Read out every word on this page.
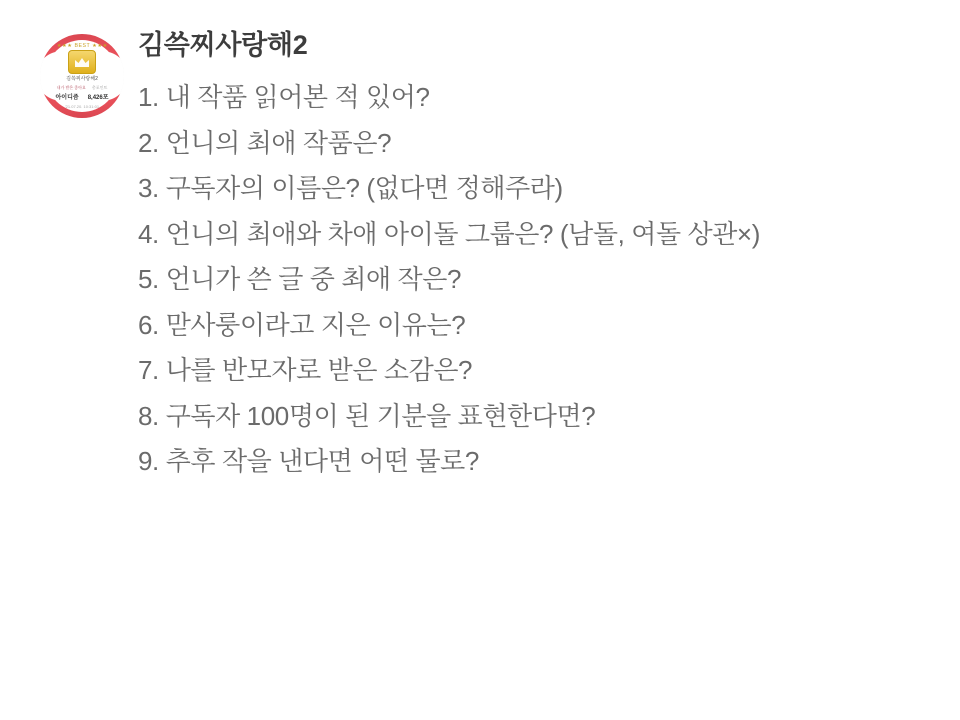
★★★ BEST ★★★
김쓱찌사랑해2
내가 받은 좋아요 총포인트
아이디즘 8,426포
'21.07.20. 10:31:01
김쓱찌사랑해2
1. 내 작품 읽어본 적 있어?
2. 언니의 최애 작품은?
3. 구독자의 이름은? (없다면 정해주라)
4. 언니의 최애와 차애 아이돌 그룹은? (남돌, 여돌 상관×)
5. 언니가 쓴 글 중 최애 작은?
6. 맏사룽이라고 지은 이유는?
7. 나를 반모자로 받은 소감은?
8. 구독자 100명이 된 기분을 표현한다면?
9. 추후 작을 낸다면 어떤 물로?
